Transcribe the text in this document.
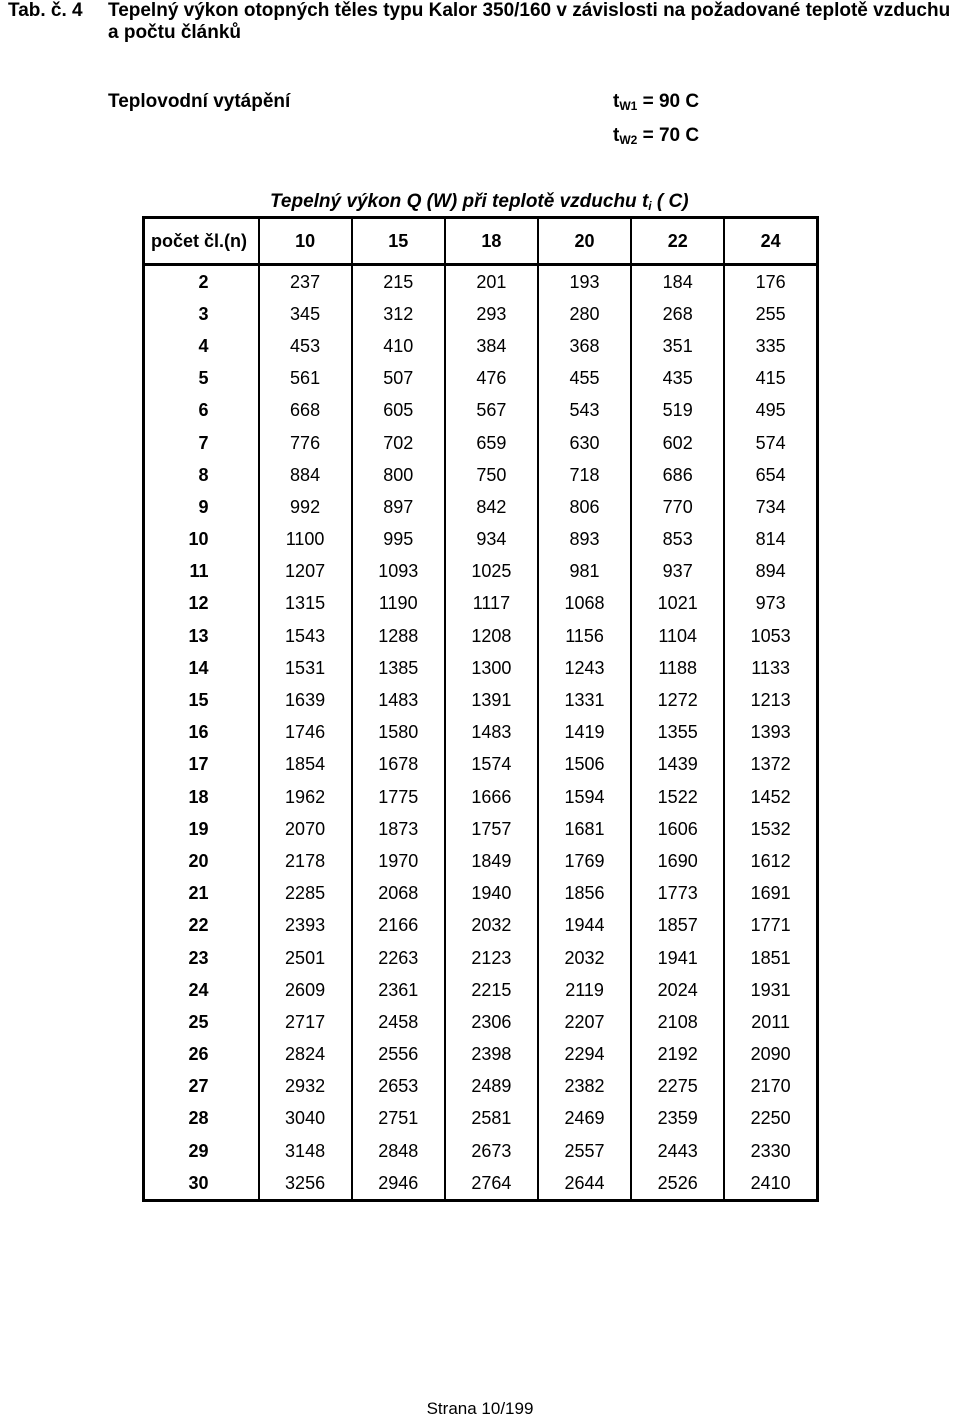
Tab. č. 4 Tepelný výkon otopných těles typu Kalor 350/160 v závislosti na požadované teplotě vzduchu a počtu článků
Teplovodní vytápění	$t_{W1} = 90$ C
$t_{W2} = 70$ C
Tepelný výkon Q (W) při teplotě vzduchu $t_i$ ( C)
počet čl.(n)	10	15	18	20	22	24
2	237	215	201	193	184	176
3	345	312	293	280	268	255
4	453	410	384	368	351	335
5	561	507	476	455	435	415
6	668	605	567	543	519	495
7	776	702	659	630	602	574
8	884	800	750	718	686	654
9	992	897	842	806	770	734
10	1100	995	934	893	853	814
11	1207	1093	1025	981	937	894
12	1315	1190	1117	1068	1021	973
13	1543	1288	1208	1156	1104	1053
14	1531	1385	1300	1243	1188	1133
15	1639	1483	1391	1331	1272	1213
16	1746	1580	1483	1419	1355	1393
17	1854	1678	1574	1506	1439	1372
18	1962	1775	1666	1594	1522	1452
19	2070	1873	1757	1681	1606	1532
20	2178	1970	1849	1769	1690	1612
21	2285	2068	1940	1856	1773	1691
22	2393	2166	2032	1944	1857	1771
23	2501	2263	2123	2032	1941	1851
24	2609	2361	2215	2119	2024	1931
25	2717	2458	2306	2207	2108	2011
26	2824	2556	2398	2294	2192	2090
27	2932	2653	2489	2382	2275	2170
28	3040	2751	2581	2469	2359	2250
29	3148	2848	2673	2557	2443	2330
30	3256	2946	2764	2644	2526	2410
Strana 10/199
